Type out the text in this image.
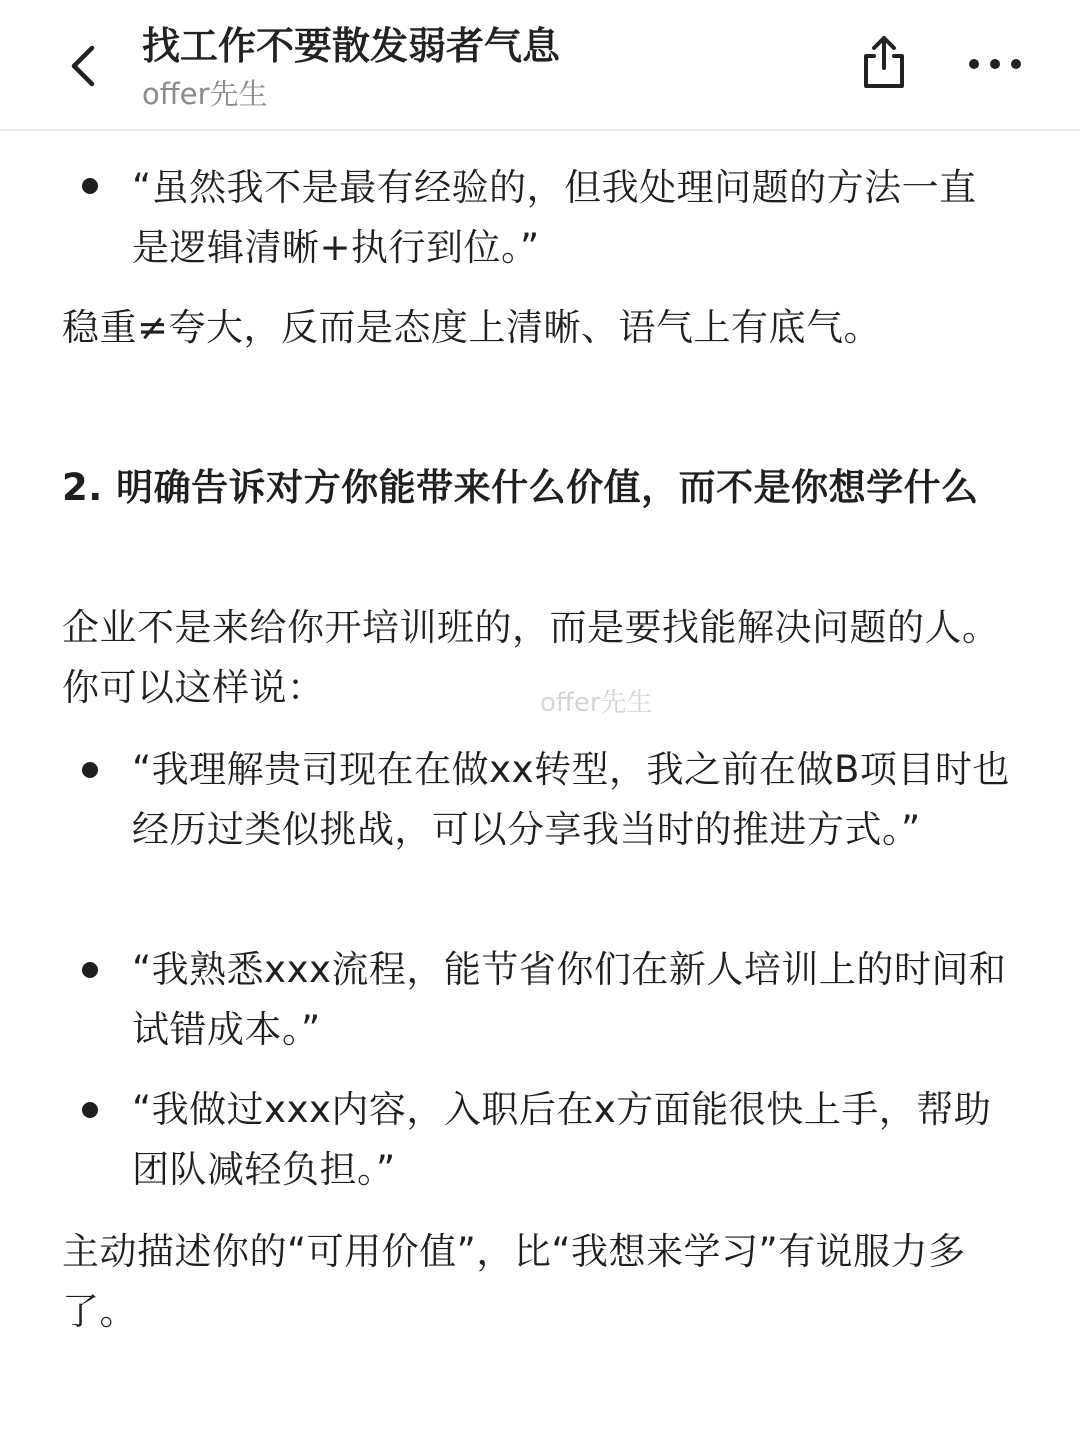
找工作不要散发弱者气息
offer先生
“虽然我不是最有经验的，但我处理问题的方法一直是逻辑清晰+执行到位。”
稳重≠夸大，反而是态度上清晰、语气上有底气。
2. 明确告诉对方你能带来什么价值，而不是你想学什么
企业不是来给你开培训班的，而是要找能解决问题的人。你可以这样说：
“我理解贵司现在在做xx转型，我之前在做B项目时也经历过类似挑战，可以分享我当时的推进方式。”
“我熟悉xxx流程，能节省你们在新人培训上的时间和试错成本。”
“我做过xxx内容，入职后在x方面能很快上手，帮助团队减轻负担。”
主动描述你的“可用价值”，比“我想来学习”有说服力多了。
offer先生
